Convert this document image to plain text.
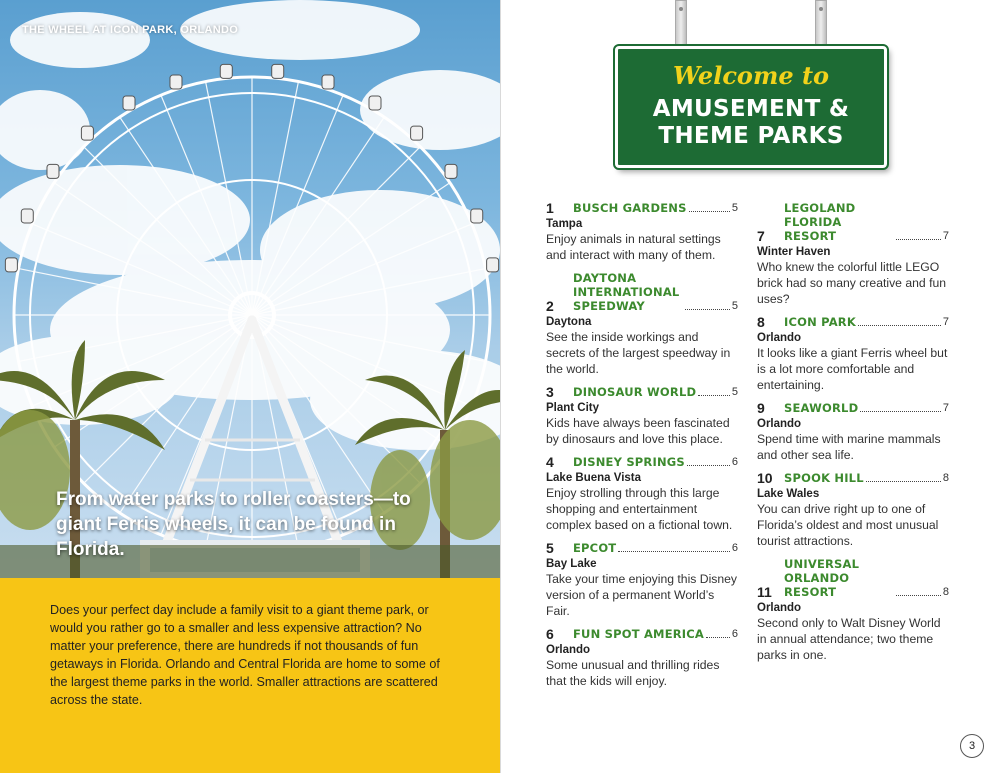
THE WHEEL AT ICON PARK, ORLANDO
From water parks to roller coasters—to giant Ferris wheels, it can be found in Florida.
Does your perfect day include a family visit to a giant theme park, or would you rather go to a smaller and less expensive attraction? No matter your preference, there are hundreds if not thousands of fun getaways in Florida. Orlando and Central Florida are home to some of the largest theme parks in the world. Smaller attractions are scattered across the state.
Welcome to
AMUSEMENT &
THEME PARKS
1	BUSCH GARDENS	5
Tampa
Enjoy animals in natural settings and interact with many of them.
2
DAYTONA INTERNATIONAL SPEEDWAY	5
Daytona
See the inside workings and secrets of the largest speedway in the world.
3	DINOSAUR WORLD	5
Plant City
Kids have always been fascinated by dinosaurs and love this place.
4	DISNEY SPRINGS	6
Lake Buena Vista
Enjoy strolling through this large shopping and entertainment complex based on a fictional town.
5	EPCOT	6
Bay Lake
Take your time enjoying this Disney version of a permanent World’s Fair.
6	FUN SPOT AMERICA	6
Orlando
Some unusual and thrilling rides that the kids will enjoy.
7
LEGOLAND FLORIDA RESORT	7
Winter Haven
Who knew the colorful little LEGO brick had so many creative and fun uses?
8	ICON PARK	7
Orlando
It looks like a giant Ferris wheel but is a lot more comfortable and entertaining.
9	SEAWORLD	7
Orlando
Spend time with marine mammals and other sea life.
10 SPOOK HILL	8
Lake Wales
You can drive right up to one of Florida’s oldest and most unusual tourist attractions.
11
UNIVERSAL ORLANDO RESORT	8
Orlando
Second only to Walt Disney World in annual attendance; two theme parks in one.
3
